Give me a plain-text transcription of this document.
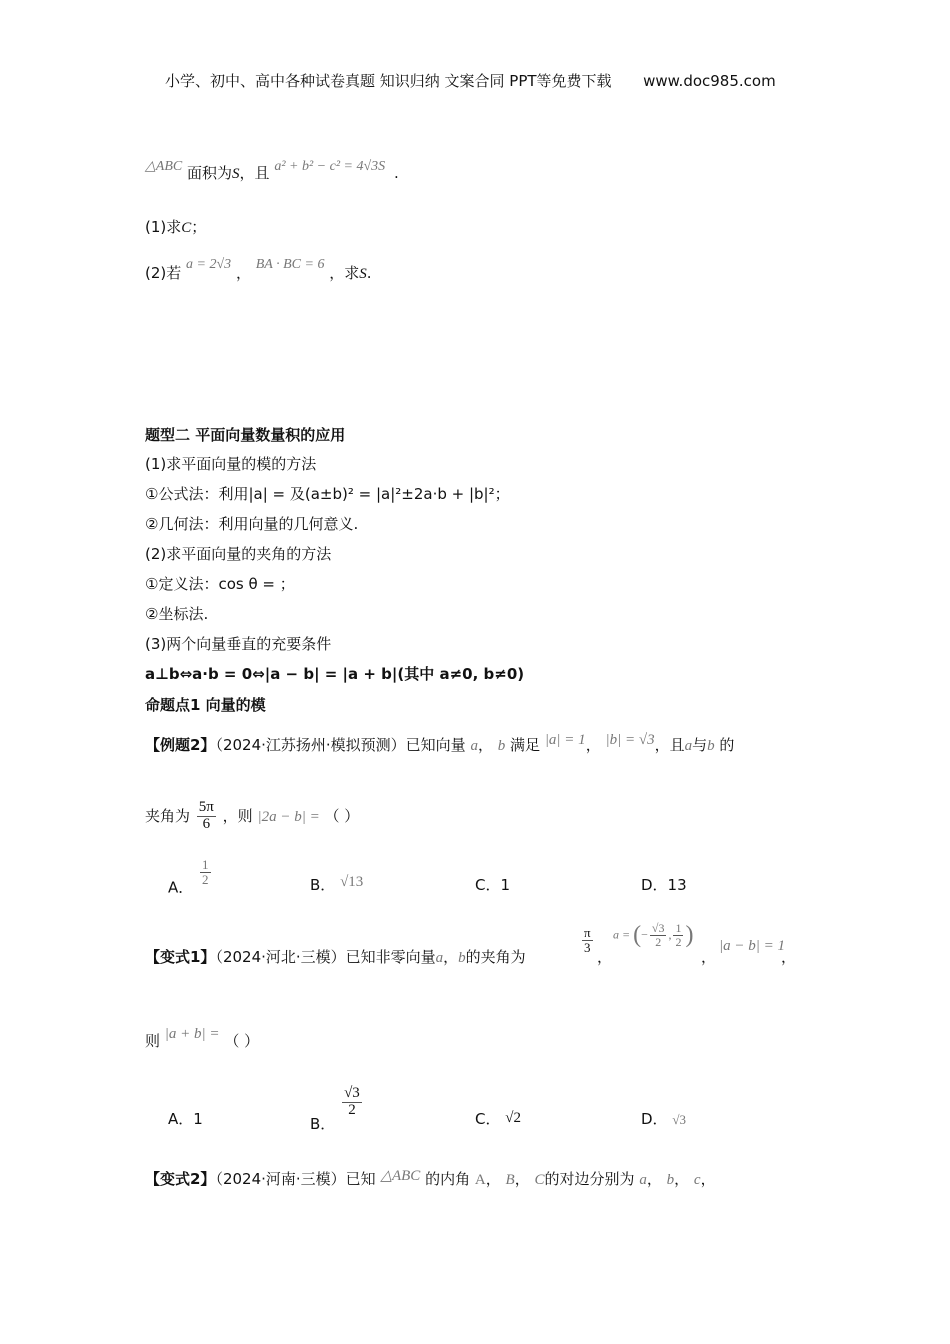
小学、初中、高中各种试卷真题 知识归纳 文案合同 PPT等免费下载 www.doc985.com
△ABC 面积为S，且 a² + b² − c² = 4√3S .
(1)求C；
(2)若 a = 2√3 ， BA · BC = 6 ，求S.
题型二 平面向量数量积的应用
(1)求平面向量的模的方法
①公式法：利用|a| = 及(a±b)² = |a|²±2a·b + |b|²；
②几何法：利用向量的几何意义.
(2)求平面向量的夹角的方法
①定义法：cos θ = ；
②坐标法.
(3)两个向量垂直的充要条件
a⊥b⇔a·b = 0⇔|a − b| = |a + b|(其中 a≠0, b≠0)
命题点1 向量的模
【例题2】（2024·江苏扬州·模拟预测）已知向量 a， b 满足 |a| = 1， |b| = √3，且a与b 的
夹角为 $\frac{5\pi}{6}$ ，则 |2a − b| = （ ）
A．
$\frac{1}{2}$	B． √13	C．1	D．13
【变式1】（2024·河北·三模）已知非零向量a，b的夹角为
$\frac{\pi}{3}$
，
a = (− $\frac{√3}{2}$ , $\frac{1}{2}$ )
，
|a − b| = 1
，
则 |a + b| = （ ）
A．1	B．
$\frac{√3}{2}$
C． √2	D． √3
【变式2】（2024·河南·三模）已知 △ABC 的内角 A， B， C的对边分别为 a， b， c，
